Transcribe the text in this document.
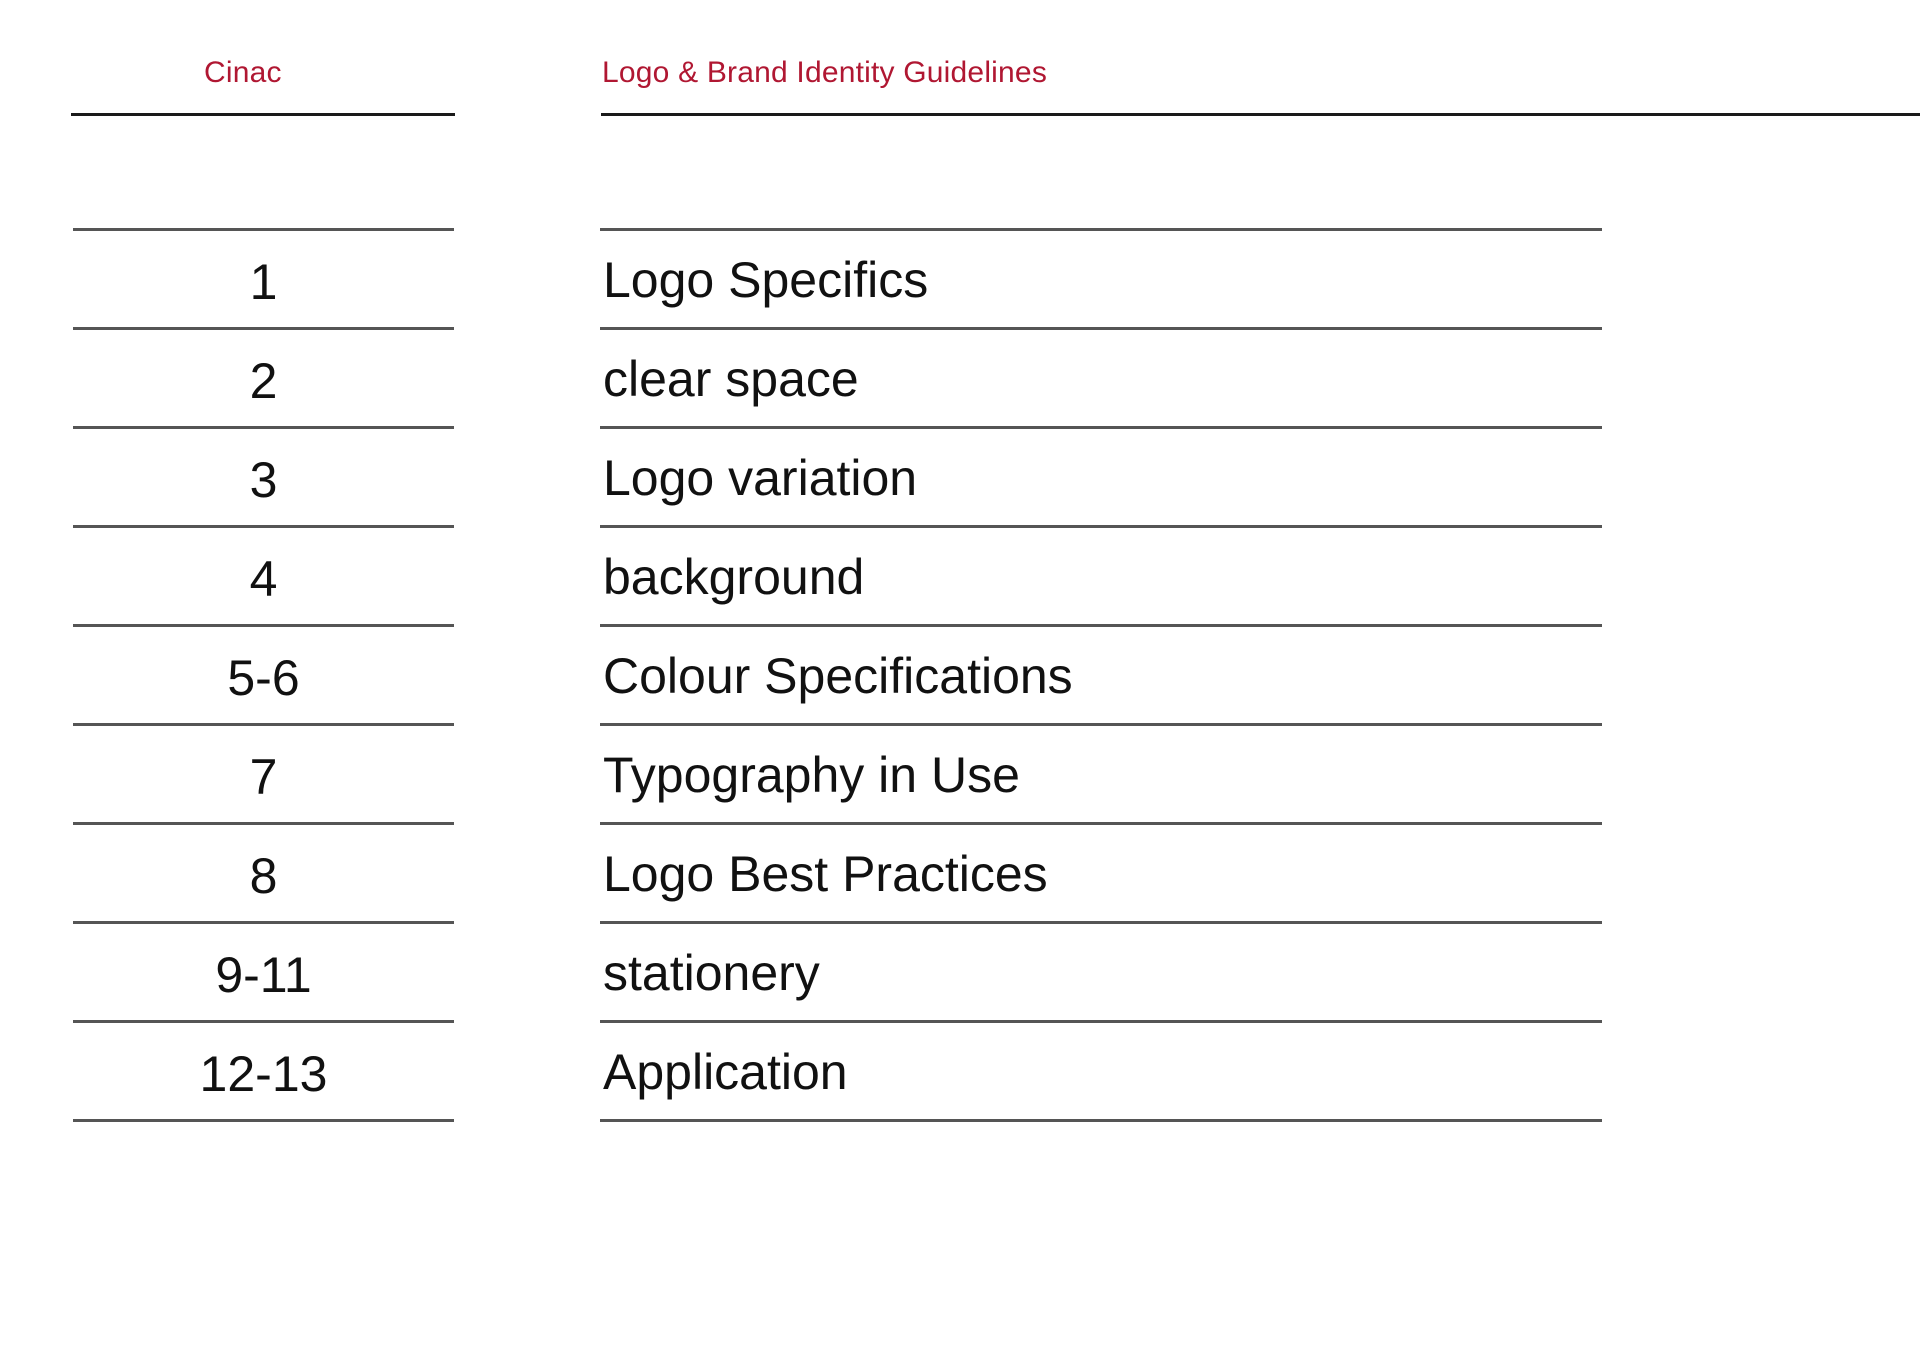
Cinac	Logo & Brand Identity Guidelines
1	Logo Specifics
2	clear space
3	Logo variation
4	background
5-6	Colour Specifications
7	Typography in Use
8	Logo Best Practices
9-11	stationery
12-13	Application
